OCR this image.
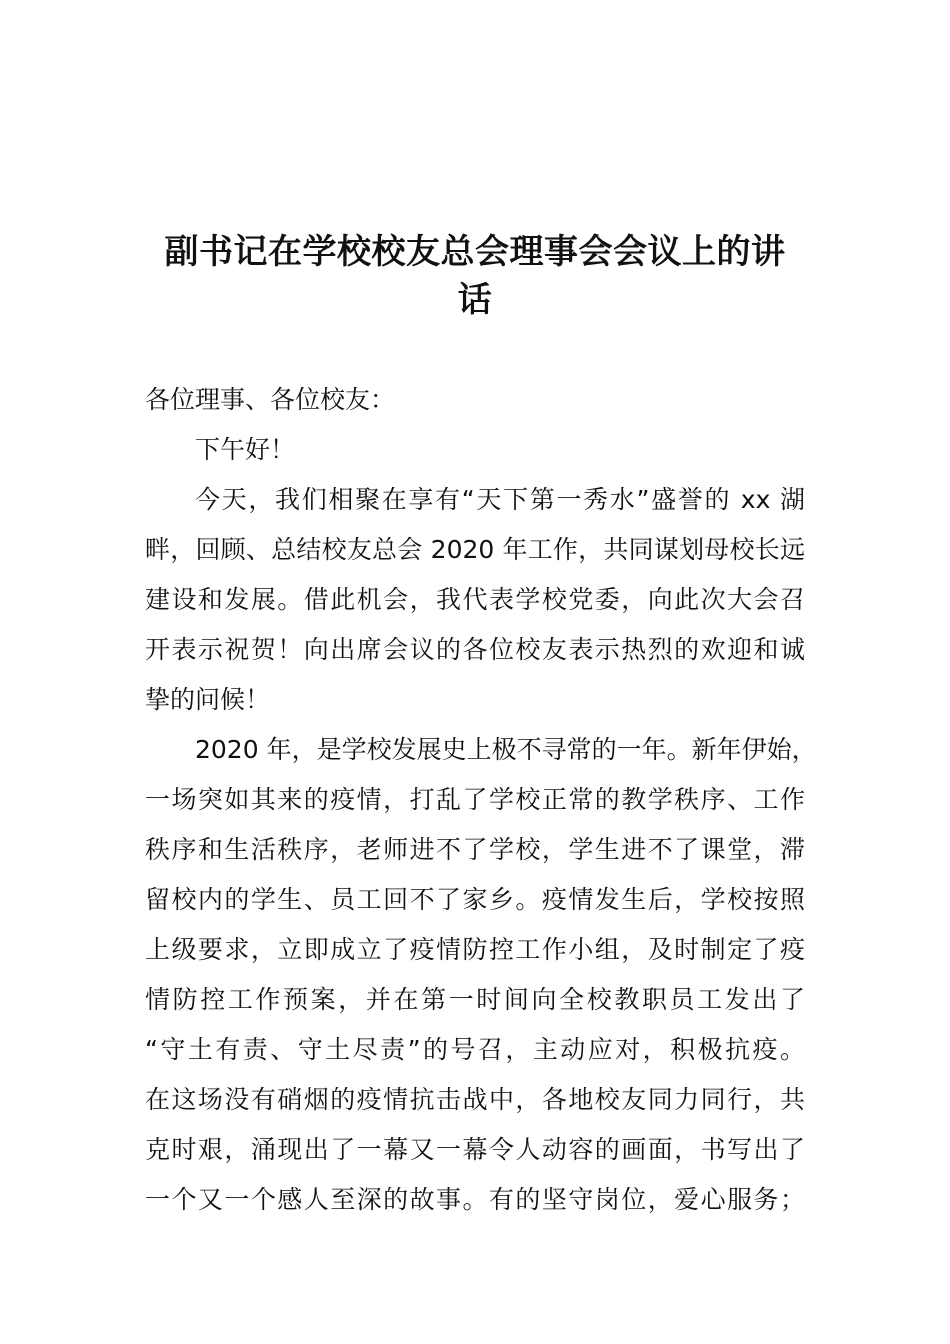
副书记在学校校友总会理事会会议上的讲
话
各位理事、各位校友：
下午好！
今天，我们相聚在享有“天下第一秀水”盛誉的 xx 湖
畔，回顾、总结校友总会 2020 年工作，共同谋划母校长远
建设和发展。借此机会，我代表学校党委，向此次大会召
开表示祝贺！向出席会议的各位校友表示热烈的欢迎和诚
挚的问候！
2020 年，是学校发展史上极不寻常的一年。新年伊始，
一场突如其来的疫情，打乱了学校正常的教学秩序、工作
秩序和生活秩序，老师进不了学校，学生进不了课堂，滞
留校内的学生、员工回不了家乡。疫情发生后，学校按照
上级要求，立即成立了疫情防控工作小组，及时制定了疫
情防控工作预案，并在第一时间向全校教职员工发出了
“守土有责、守土尽责”的号召，主动应对，积极抗疫。
在这场没有硝烟的疫情抗击战中，各地校友同力同行，共
克时艰，涌现出了一幕又一幕令人动容的画面，书写出了
一个又一个感人至深的故事。有的坚守岗位，爱心服务；
